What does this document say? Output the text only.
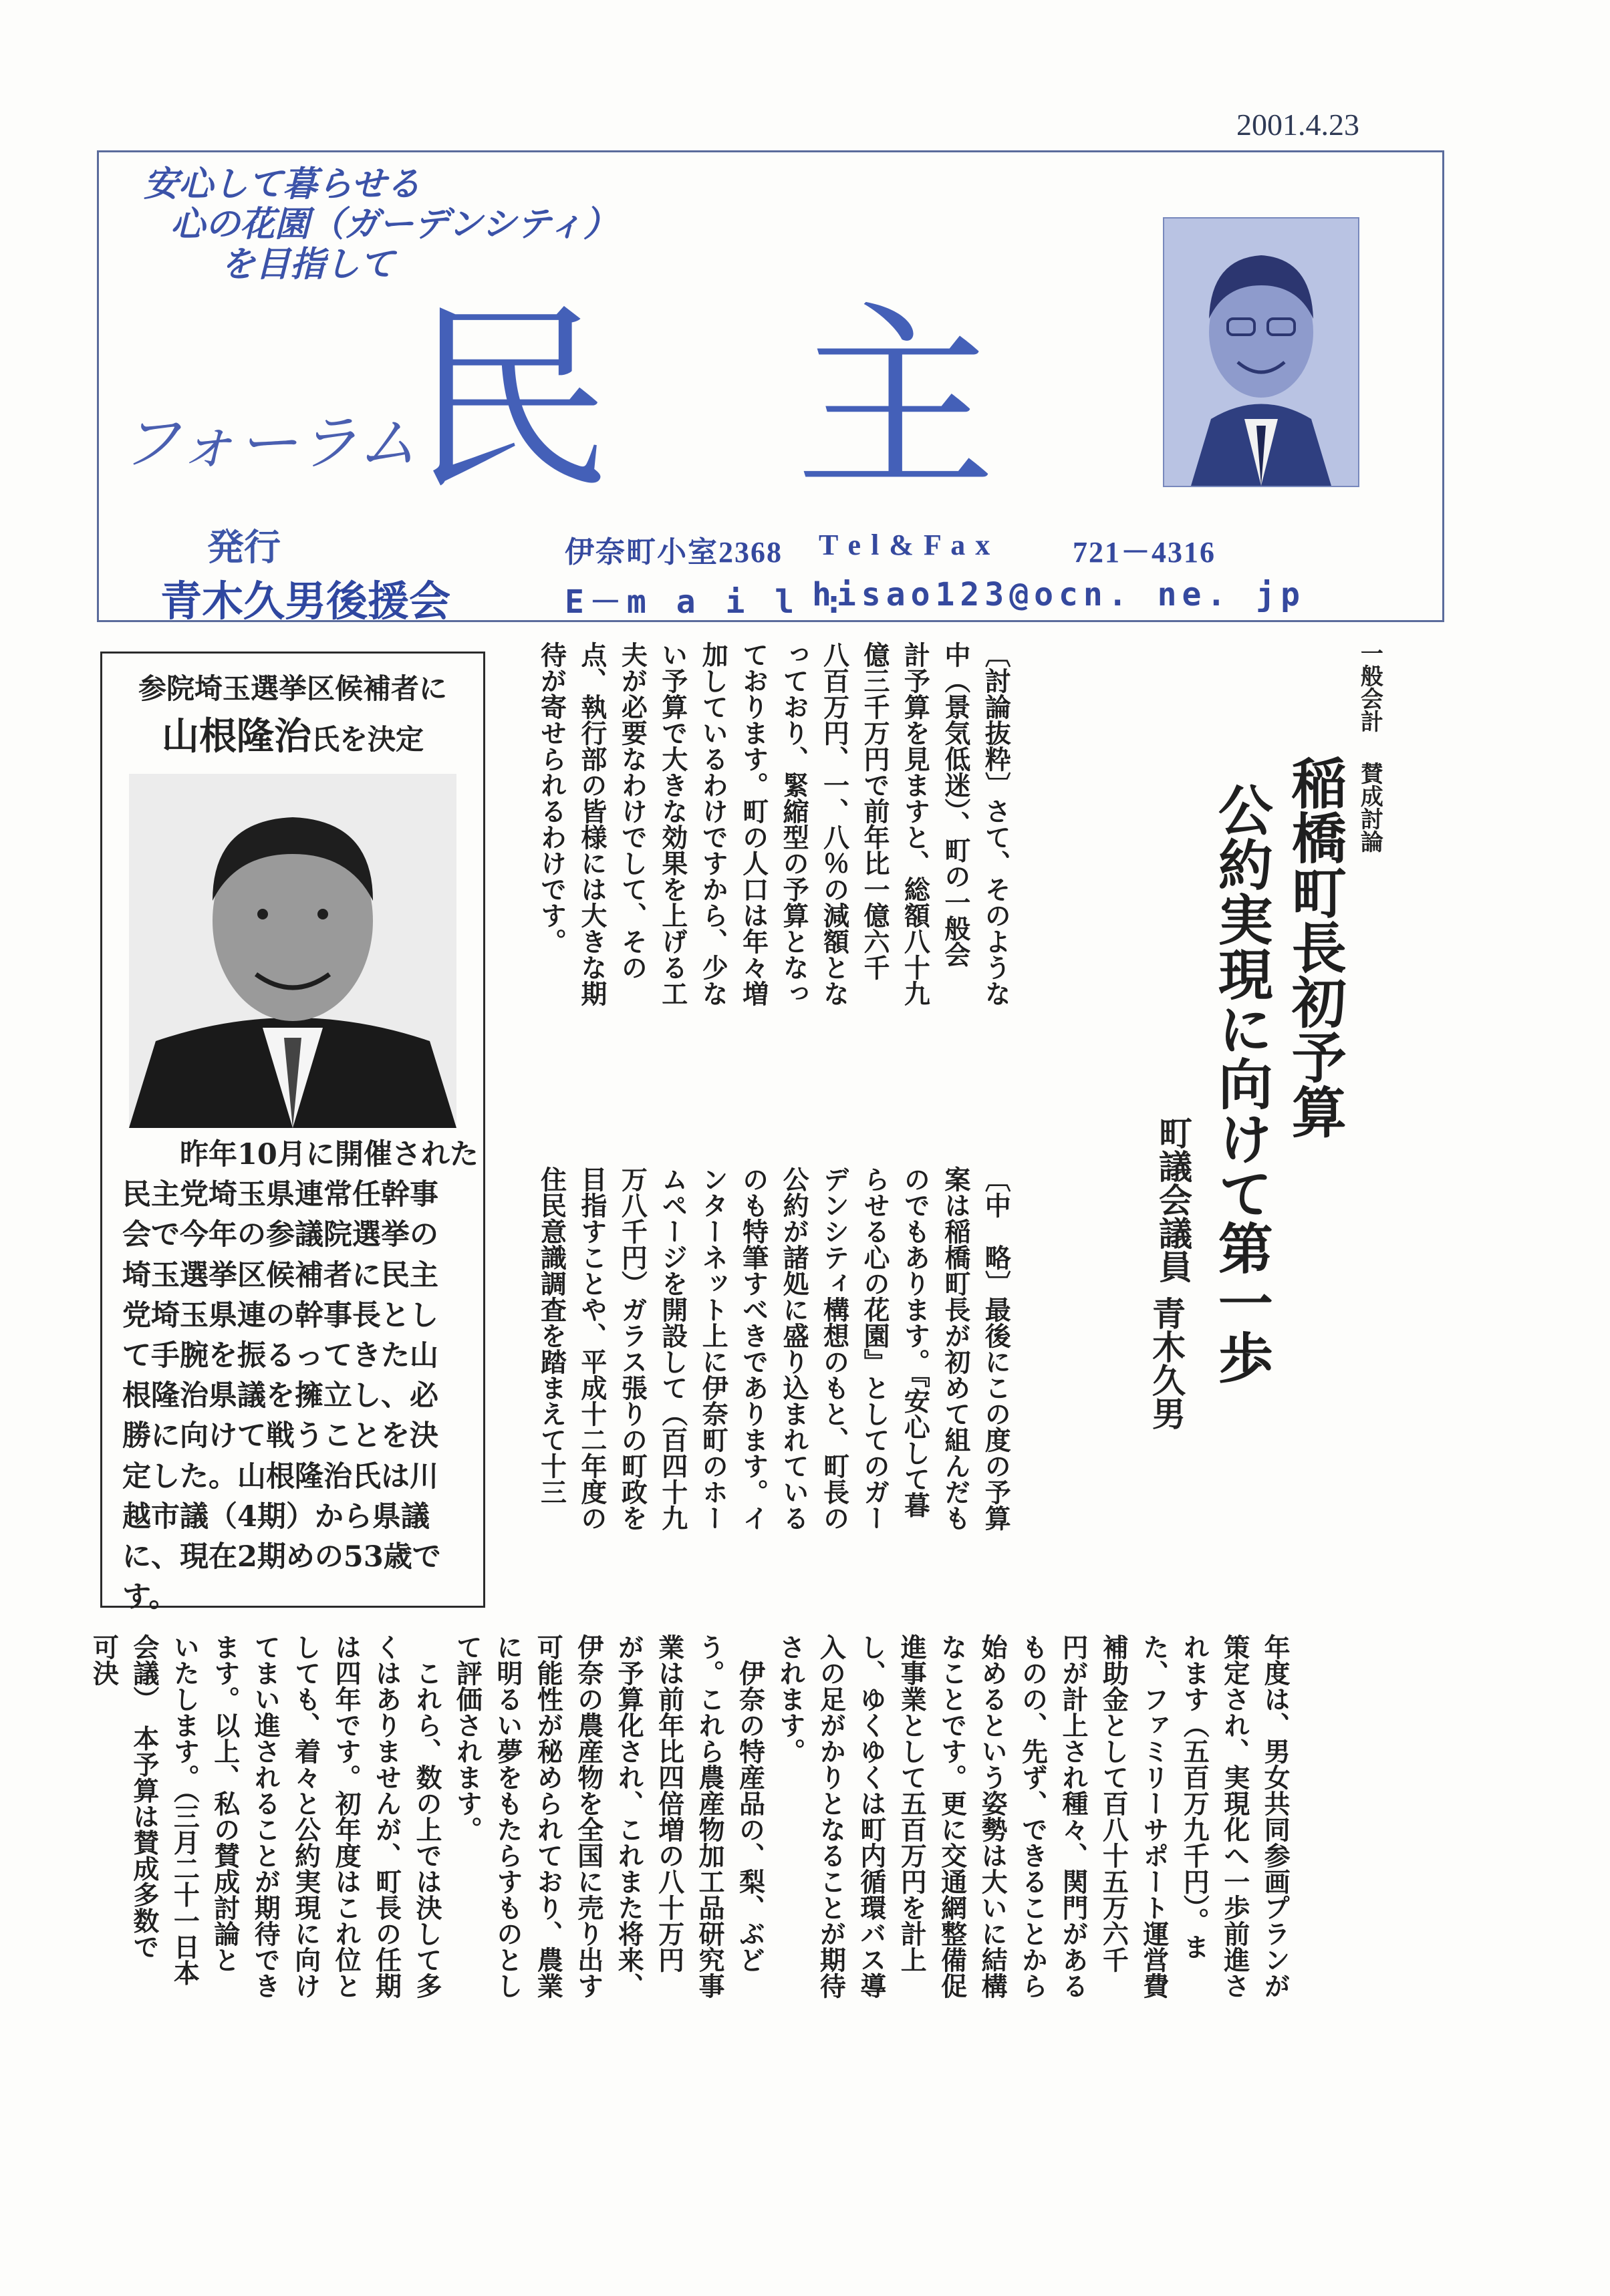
2001.4.23
安心して暮らせる
心の花園（ガーデンシティ）
を目指して
フォーラム
民 主
発行
青木久男後援会
伊奈町小室2368 T e l & F a x	721－4316
E－m a i l :
hisao123@ocn. ne. jp
参院埼玉選挙区候補者に
山根隆治氏を決定
　　昨年10月に開催された
民主党埼玉県連常任幹事
会で今年の参議院選挙の
埼玉選挙区候補者に民主
党埼玉県連の幹事長とし
て手腕を振るってきた山
根隆治県議を擁立し、必
勝に向けて戦うことを決
定した。山根隆治氏は川
越市議（4期）から県議
に、現在2期めの53歳で
す。
一般会計
賛成討論
稲橋町長初予算
公約実現に向けて第一歩
町議会議員
青木久男
〔討論抜粋〕さて、そのような
中（景気低迷）、町の一般会
計予算を見ますと、総額八十九
億三千万円で前年比一億六千
八百万円、一、八％の減額とな
っており、緊縮型の予算となっ
ております。町の人口は年々増
加しているわけですから、少な
い予算で大きな効果を上げる工
夫が必要なわけでして、その
点、執行部の皆様には大きな期
待が寄せられるわけです。
〔中　略〕最後にこの度の予算
案は稲橋町長が初めて組んだも
のでもあります。『安心して暮
らせる心の花園』としてのガー
デンシティ構想のもと、町長の
公約が諸処に盛り込まれている
のも特筆すべきであります。イ
ンターネット上に伊奈町のホー
ムページを開設して（百四十九
万八千円）ガラス張りの町政を
目指すことや、平成十二年度の
住民意識調査を踏まえて十三
年度は、男女共同参画プランが
策定され、実現化へ一歩前進さ
れます（五百万九千円）。ま
た、ファミリーサポート運営費
補助金として百八十五万六千
円が計上され種々、関門がある
ものの、先ず、できることから
始めるという姿勢は大いに結構
なことです。更に交通網整備促
進事業として五百万円を計上
し、ゆくゆくは町内循環バス導
入の足がかりとなることが期待
されます。
　伊奈の特産品の、梨、ぶど
う。これら農産物加工品研究事
業は前年比四倍増の八十万円
が予算化され、これまた将来、
伊奈の農産物を全国に売り出す
可能性が秘められており、農業
に明るい夢をもたらすものとし
て評価されます。
　これら、数の上では決して多
くはありませんが、町長の任期
は四年です。初年度はこれ位と
しても、着々と公約実現に向け
てまい進されることが期待でき
ます。以上、私の賛成討論と
いたします。（三月二十一日本
会議）　本予算は賛成多数で
可決
